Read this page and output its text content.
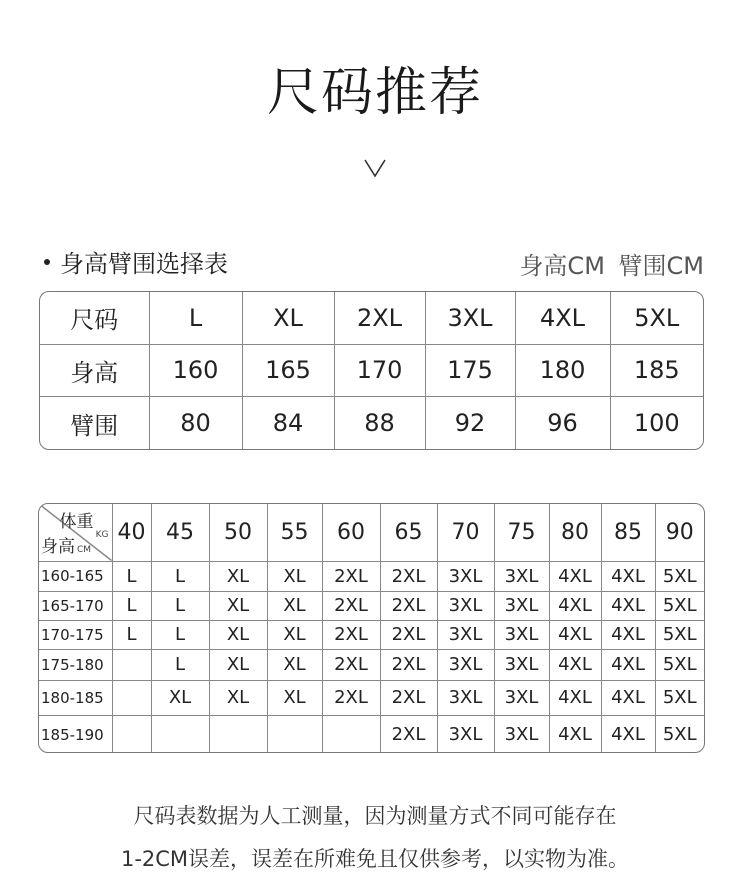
尺码推荐
身高臂围选择表	身高CM 臂围CM
尺码	L	XL	2XL	3XL	4XL	5XL
身高	160	165	170	175	180	185
臂围	80	84	88	92	96	100
体重
KG
身高 CM	40	45	50	55	60	65	70	75	80	85	90
160-165	L	L	XL	XL	2XL	2XL	3XL	3XL	4XL	4XL	5XL
165-170	L	L	XL	XL	2XL	2XL	3XL	3XL	4XL	4XL	5XL
170-175	L	L	XL	XL	2XL	2XL	3XL	3XL	4XL	4XL	5XL
175-180		L	XL	XL	2XL	2XL	3XL	3XL	4XL	4XL	5XL
180-185		XL	XL	XL	2XL	2XL	3XL	3XL	4XL	4XL	5XL
185-190						2XL	3XL	3XL	4XL	4XL	5XL
尺码表数据为人工测量，因为测量方式不同可能存在
1-2CM误差，误差在所难免且仅供参考，以实物为准。
